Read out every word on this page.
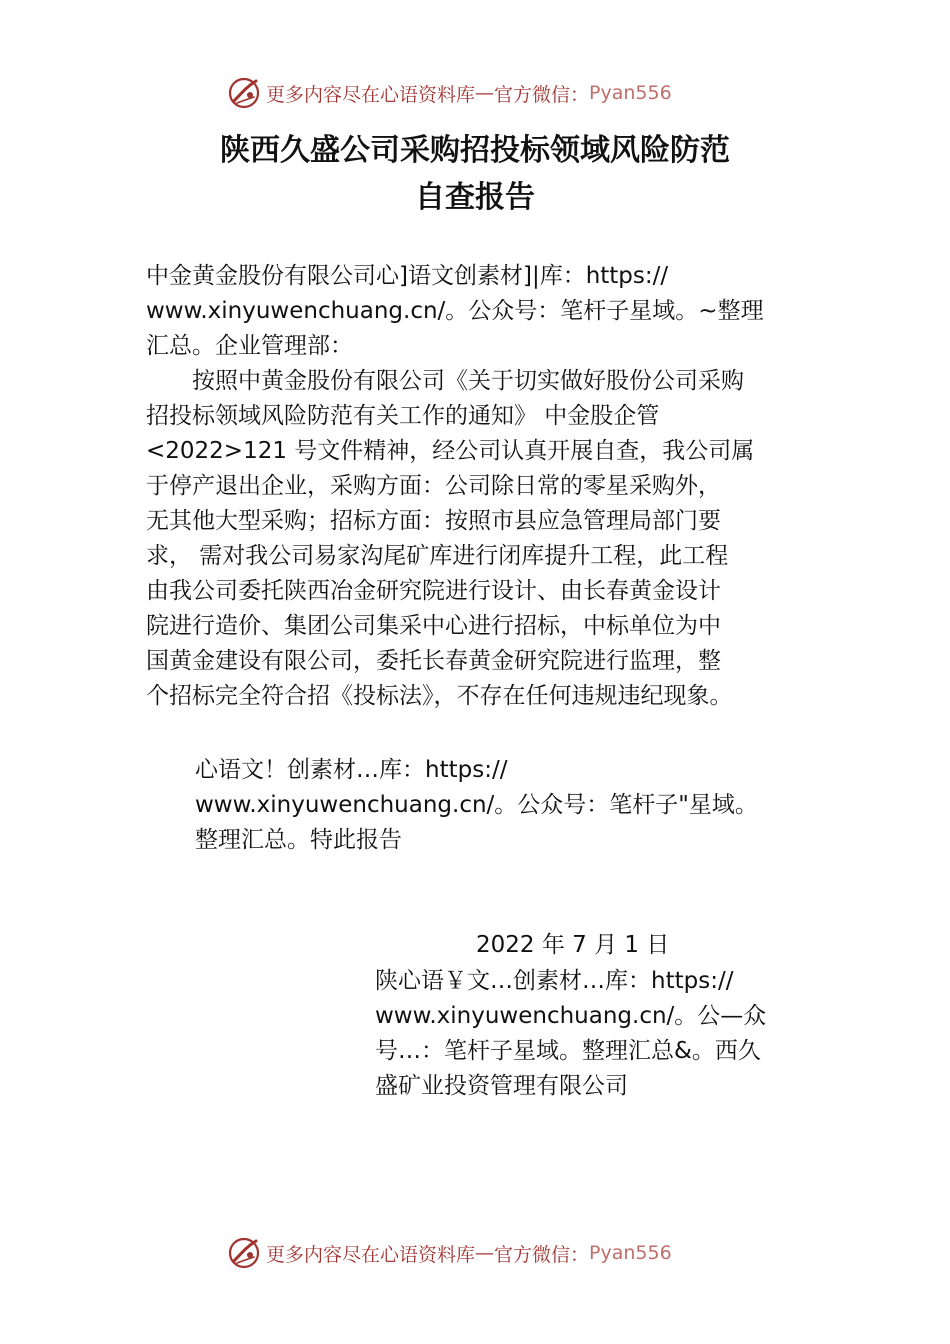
更多内容尽在心语资料库 — 官方微信： Pyan556
陕西久盛公司采购招投标领域风险防范
自查报告
中金黄金股份有限公司心]语文创素材]|库：https://
www.xinyuwenchuang.cn/。公众号：笔杆子星域。~整理
汇总。企业管理部：
　　按照中黄金股份有限公司《关于切实做好股份公司采购
招投标领域风险防范有关工作的通知》 中金股企管
<2022>121 号文件精神，经公司认真开展自查，我公司属
于停产退出企业，采购方面：公司除日常的零星采购外，
无其他大型采购；招标方面：按照市县应急管理局部门要
求， 需对我公司易家沟尾矿库进行闭库提升工程，此工程
由我公司委托陕西冶金研究院进行设计、由长春黄金设计
院进行造价、集团公司集采中心进行招标，中标单位为中
国黄金建设有限公司，委托长春黄金研究院进行监理，整
个招标完全符合招《投标法》，不存在任何违规违纪现象。
心语文！创素材…库：https://
www.xinyuwenchuang.cn/。公众号：笔杆子"星域。
整理汇总。特此报告
2022 年 7 月 1 日
陕心语￥文…创素材…库：https://
www.xinyuwenchuang.cn/。公—众
号…：笔杆子星域。整理汇总&。西久
盛矿业投资管理有限公司
更多内容尽在心语资料库 — 官方微信： Pyan556
